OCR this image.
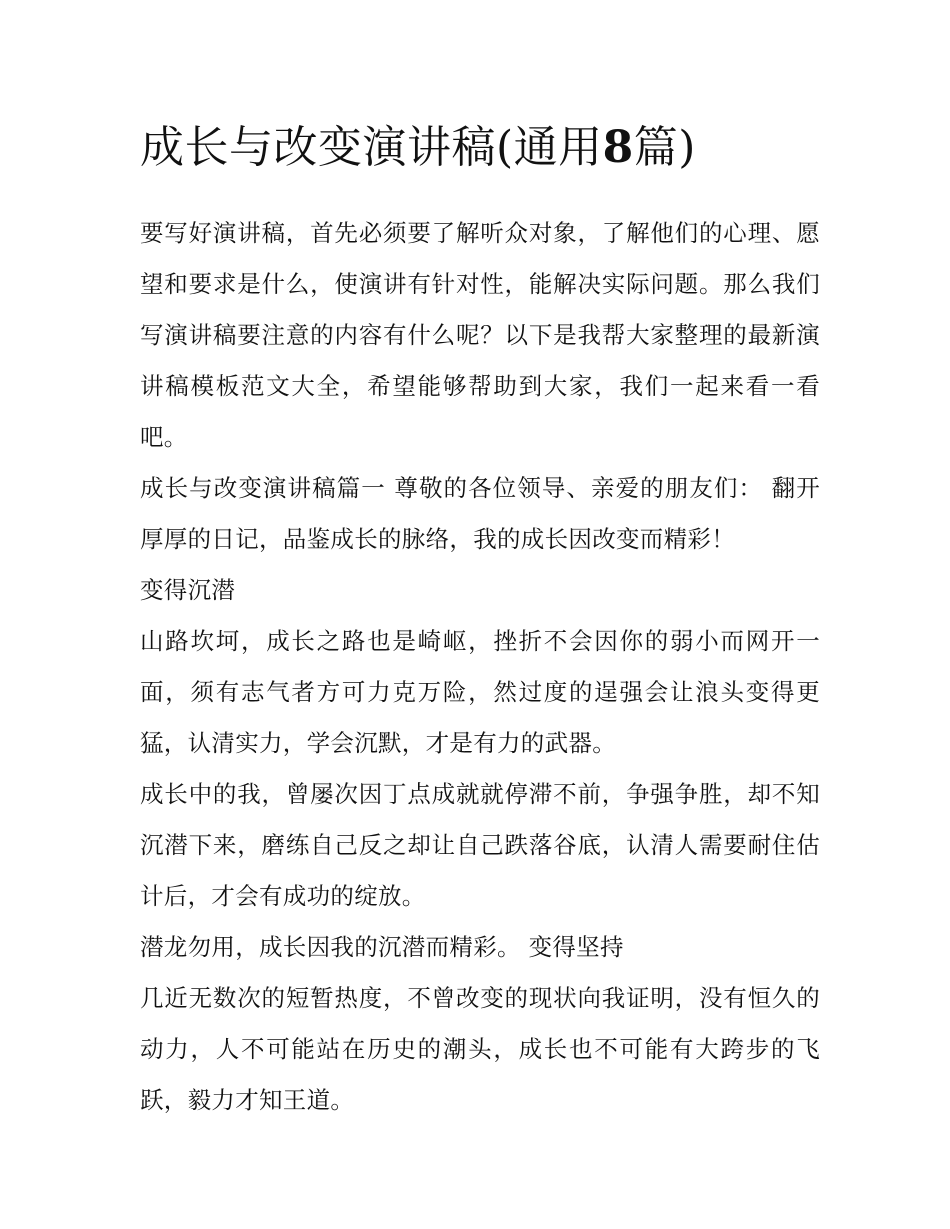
成长与改变演讲稿(通用8篇)

要写好演讲稿，首先必须要了解听众对象，了解他们的心理、愿望和要求是什么，使演讲有针对性，能解决实际问题。那么我们写演讲稿要注意的内容有什么呢？以下是我帮大家整理的最新演讲稿模板范文大全，希望能够帮助到大家，我们一起来看一看吧。

成长与改变演讲稿篇一 尊敬的各位领导、亲爱的朋友们： 翻开厚厚的日记，品鉴成长的脉络，我的成长因改变而精彩！

变得沉潜

山路坎坷，成长之路也是崎岖，挫折不会因你的弱小而网开一面，须有志气者方可力克万险，然过度的逞强会让浪头变得更猛，认清实力，学会沉默，才是有力的武器。

成长中的我，曾屡次因丁点成就就停滞不前，争强争胜，却不知沉潜下来，磨练自己反之却让自己跌落谷底，认清人需要耐住估计后，才会有成功的绽放。

潜龙勿用，成长因我的沉潜而精彩。 变得坚持

几近无数次的短暂热度，不曾改变的现状向我证明，没有恒久的动力，人不可能站在历史的潮头，成长也不可能有大跨步的飞跃，毅力才知王道。
